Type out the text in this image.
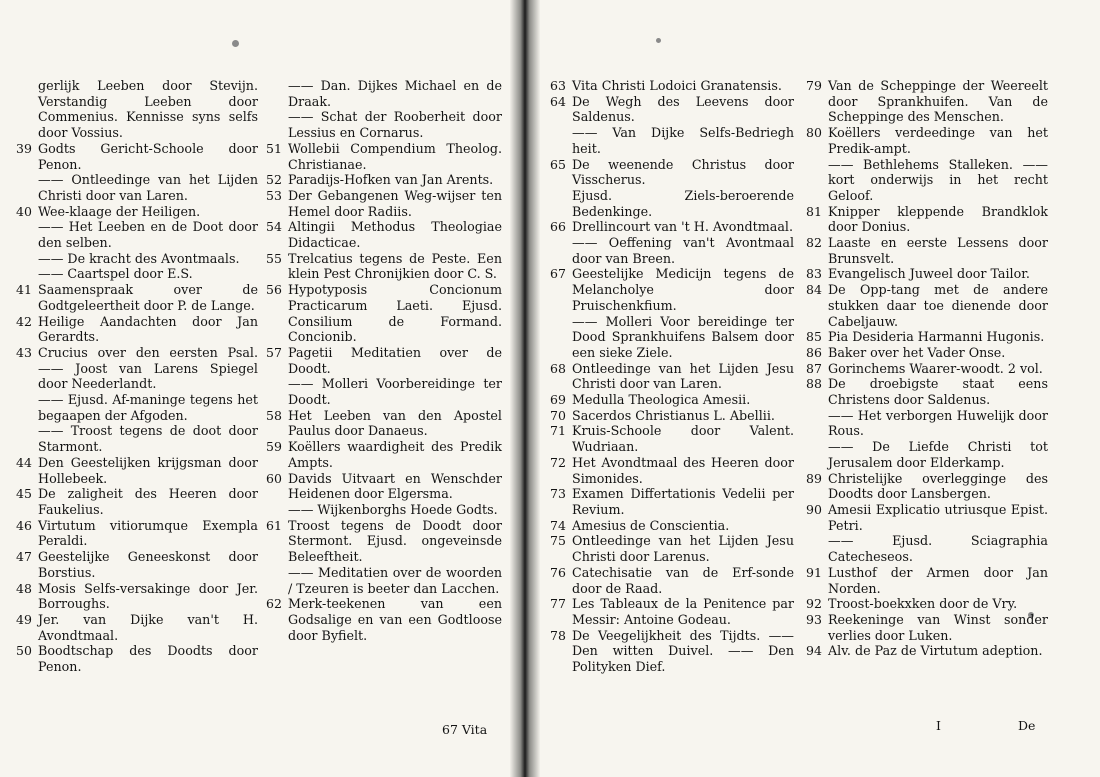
gerlijk Leeben door Stevijn. Verstandig Leeben door Commenius. Kennisse syns selfs door Vossius.
39 Godts Gericht-Schoole door Penon.
—— Ontleedinge van het Lijden Christi door van Laren.
40 Wee-klaage der Heiligen.
—— Het Leeben en de Doot door den selben.
—— De kracht des Avontmaals.
—— Caartspel door E.S.
41 Saamenspraak over de Godtgeleertheit door P. de Lange.
42 Heilige Aandachten door Jan Gerardts.
43 Crucius over den eersten Psal. —— Joost van Larens Spiegel door Neederlandt.
—— Ejusd. Af-maninge tegens het begaapen der Afgoden.
—— Troost tegens de doot door Starmont.
44 Den Geestelijken krijgsman door Hollebeek.
45 De zaligheit des Heeren door Faukelius.
46 Virtutum vitiorumque Exempla Peraldi.
47 Geestelijke Geneeskonst door Borstius.
48 Mosis Selfs-versakinge door Jer. Borroughs.
49 Jer. van Dijke van't H. Avondtmaal.
50 Boodtschap des Doodts door Penon.
—— Dan. Dijkes Michael en de Draak.
—— Schat der Rooberheit door Lessius en Cornarus.
51 Wollebii Compendium Theolog. Christianae.
52 Paradijs-Hofken van Jan Arents.
53 Der Gebangenen Weg-wijser ten Hemel door Radiis.
54 Altingii Methodus Theologiae Didacticae.
55 Trelcatius tegens de Peste. Een klein Pest Chronijkien door C. S.
56 Hypotyposis Concionum Practicarum Laeti. Ejusd. Consilium de Formand. Concionib.
57 Pagetii Meditatien over de Doodt.
—— Molleri Voorbereidinge ter Doodt.
58 Het Leeben van den Apostel Paulus door Danaeus.
59 Koëllers waardigheit des Predik Ampts.
60 Davids Uitvaart en Wenschder Heidenen door Elgersma.
—— Wijkenborghs Hoede Godts.
61 Troost tegens de Doodt door Stermont. Ejusd. ongeveinsde Beleeftheit.
—— Meditatien over de woorden / Tzeuren is beeter dan Lacchen.
62 Merk-teekenen van een Godsalige en van een Godtloose door Byfielt.
63 Vita Christi Lodoici Granatensis.
64 De Wegh des Leevens door Saldenus.
—— Van Dijke Selfs-Bedriegh heit.
65 De weenende Christus door Visscherus.
Ejusd. Ziels-beroerende Bedenkinge.
66 Drellincourt van 't H. Avondtmaal.
—— Oeffening van't Avontmaal door van Breen.
67 Geestelijke Medicijn tegens de Melancholye door Pruischenkfium.
—— Molleri Voor bereidinge ter Dood Sprankhuifens Balsem door een sieke Ziele.
68 Ontleedinge van het Lijden Jesu Christi door van Laren.
69 Medulla Theologica Amesii.
70 Sacerdos Christianus L. Abellii.
71 Kruis-Schoole door Valent. Wudriaan.
72 Het Avondtmaal des Heeren door Simonides.
73 Examen Differtationis Vedelii per Revium.
74 Amesius de Conscientia.
75 Ontleedinge van het Lijden Jesu Christi door Larenus.
76 Catechisatie van de Erf-sonde door de Raad.
77 Les Tableaux de la Penitence par Messir: Antoine Godeau.
78 De Veegelijkheit des Tijdts. —— Den witten Duivel. —— Den Polityken Dief.
79 Van de Scheppinge der Weereelt door Sprankhuifen. Van de Scheppinge des Menschen.
80 Koëllers verdeedinge van het Predik-ampt.
—— Bethlehems Stalleken. —— kort onderwijs in het recht Geloof.
81 Knipper kleppende Brandklok door Donius.
82 Laaste en eerste Lessens door Brunsvelt.
83 Evangelisch Juweel door Tailor.
84 De Opp-tang met de andere stukken daar toe dienende door Cabeljauw.
85 Pia Desideria Harmanni Hugonis.
86 Baker over het Vader Onse.
87 Gorinchems Waarer-woodt. 2 vol.
88 De droebigste staat eens Christens door Saldenus.
—— Het verborgen Huwelijk door Rous.
—— De Liefde Christi tot Jerusalem door Elderkamp.
89 Christelijke overlegginge des Doodts door Lansbergen.
90 Amesii Explicatio utriusque Epist. Petri.
—— Ejusd. Sciagraphia Catecheseos.
91 Lusthof der Armen door Jan Norden.
92 Troost-boekxken door de Vry.
93 Reekeninge van Winst sonder verlies door Luken.
94 Alv. de Paz de Virtutum adeption.
67 Vita	I	De
